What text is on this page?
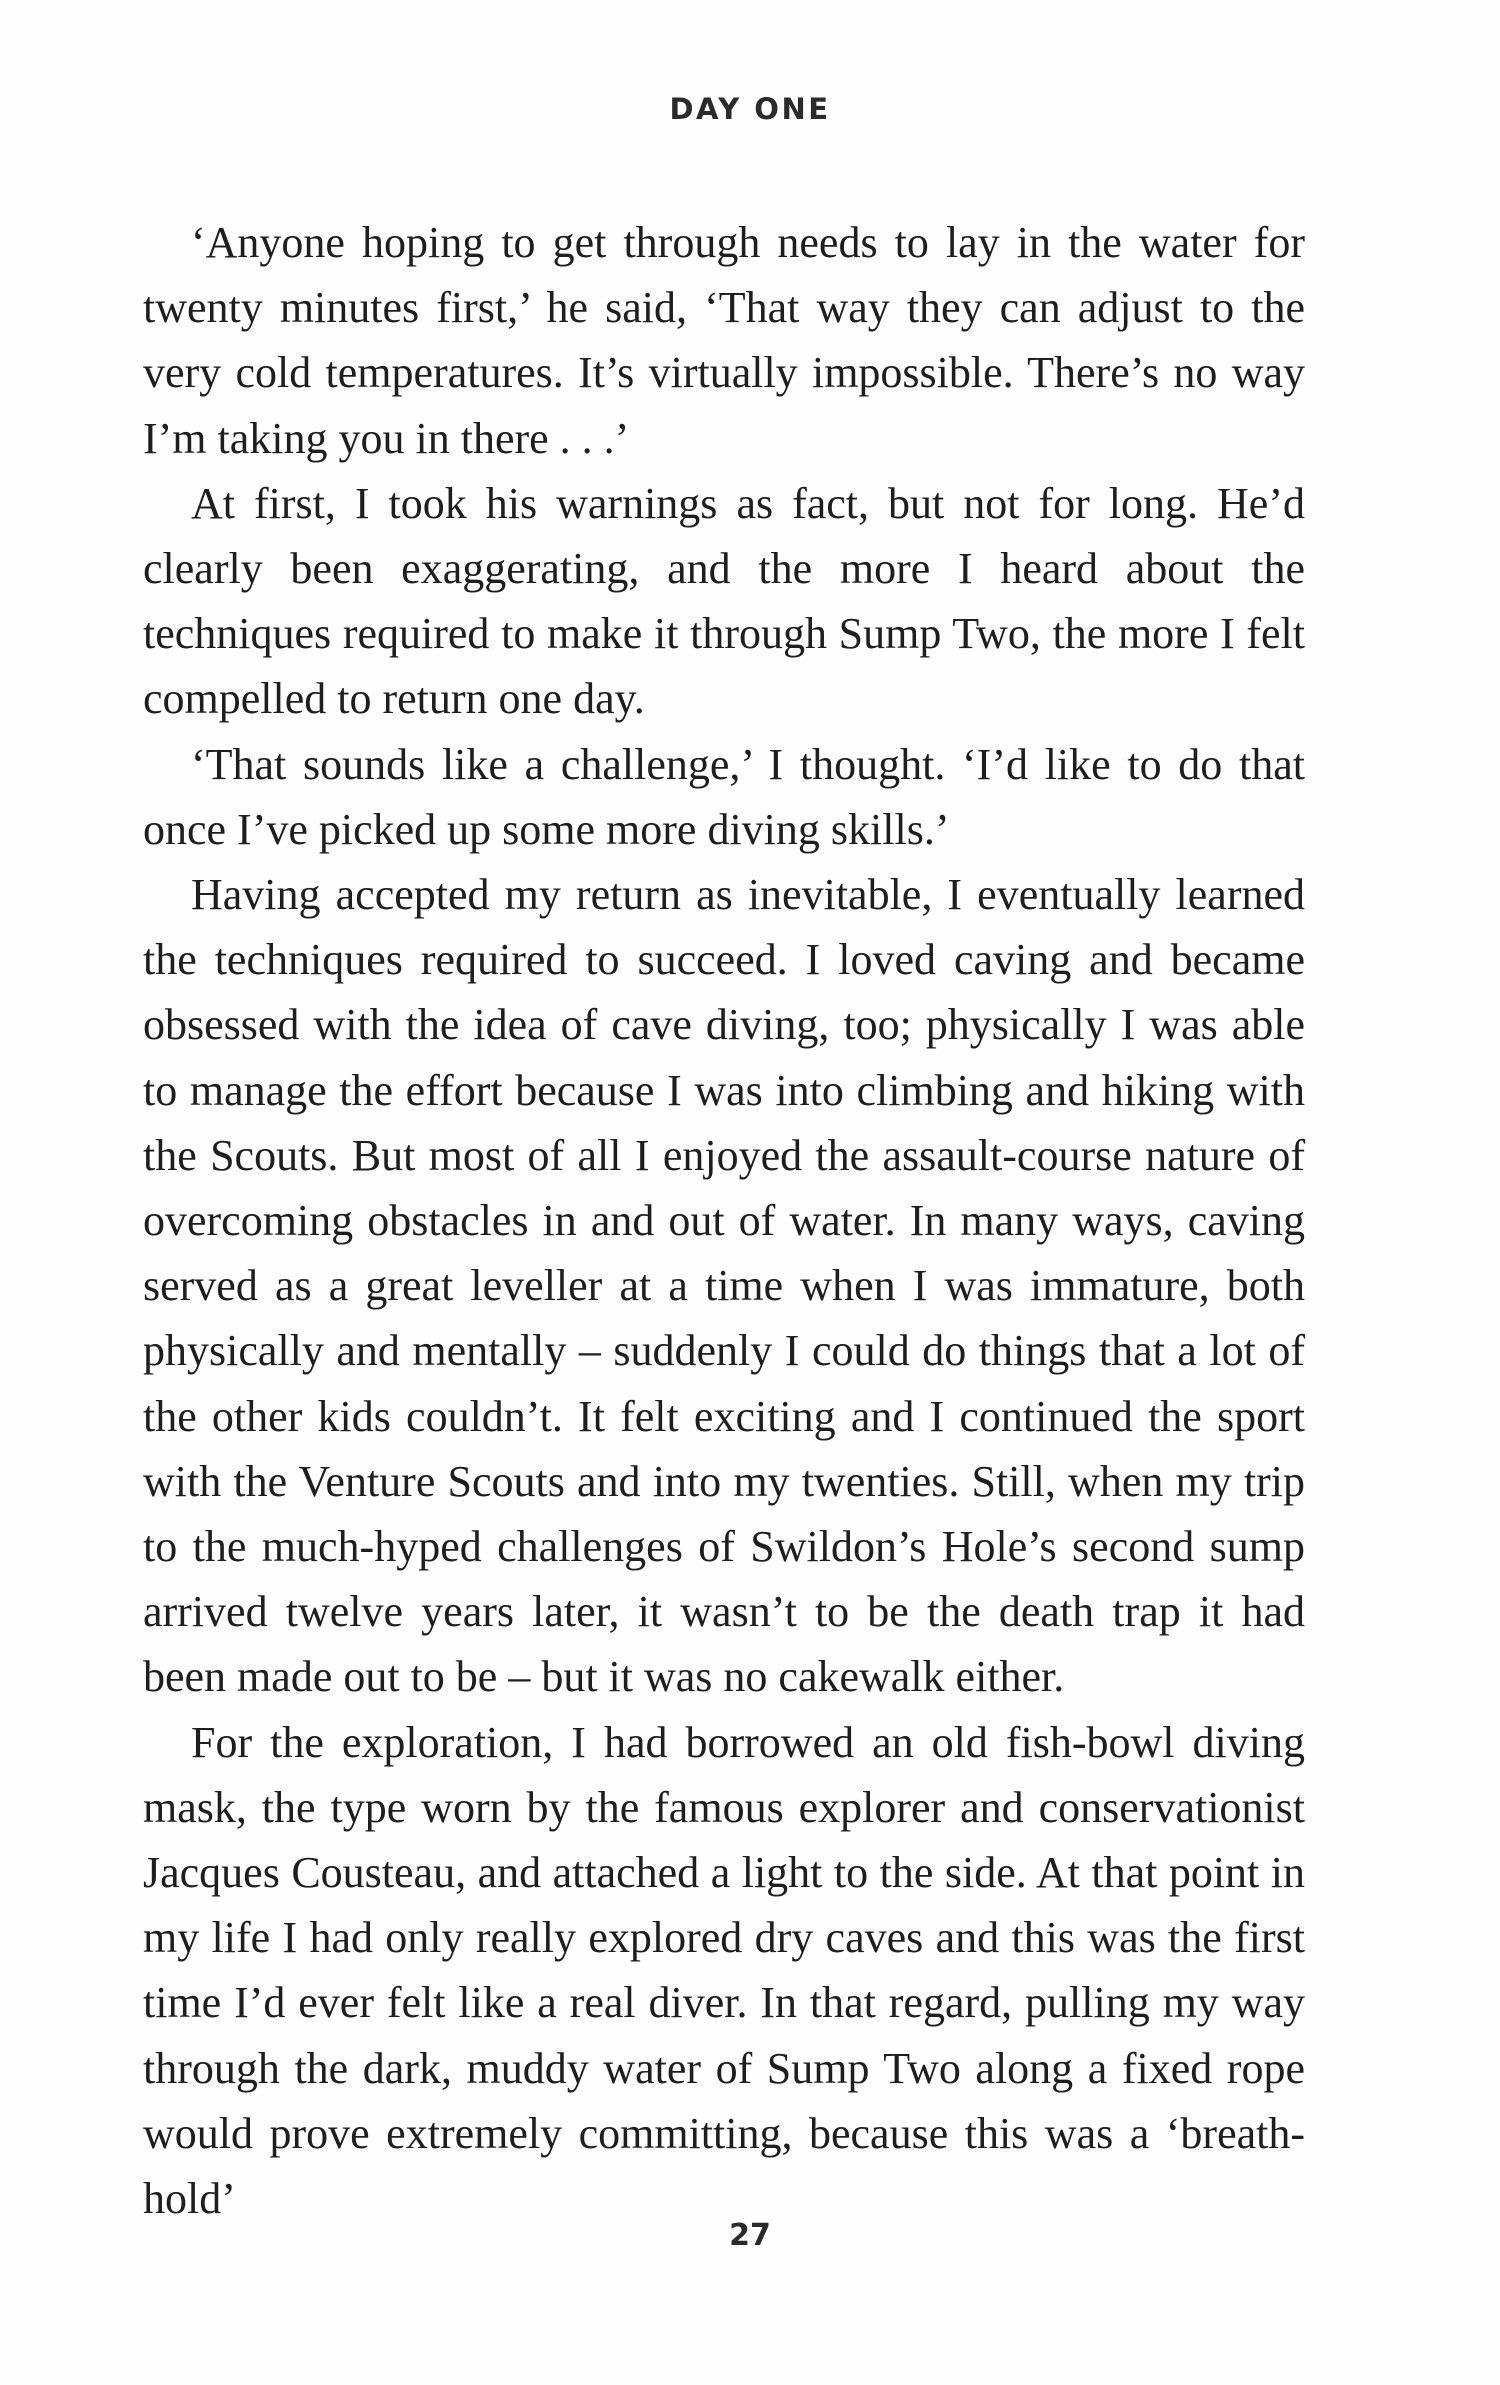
DAY ONE

‘Anyone hoping to get through needs to lay in the water for twenty minutes first,’ he said, ‘That way they can adjust to the very cold temperatures. It’s virtually impossible. There’s no way I’m taking you in there . . .’

At first, I took his warnings as fact, but not for long. He’d clearly been exaggerating, and the more I heard about the techniques required to make it through Sump Two, the more I felt compelled to return one day.

‘That sounds like a challenge,’ I thought. ‘I’d like to do that once I’ve picked up some more diving skills.’

Having accepted my return as inevitable, I eventually learned the techniques required to succeed. I loved caving and became obsessed with the idea of cave diving, too; physically I was able to manage the effort because I was into climbing and hiking with the Scouts. But most of all I enjoyed the assault-course nature of overcoming obstacles in and out of water. In many ways, caving served as a great leveller at a time when I was immature, both physically and mentally – suddenly I could do things that a lot of the other kids couldn’t. It felt exciting and I continued the sport with the Venture Scouts and into my twenties. Still, when my trip to the much-hyped challenges of Swildon’s Hole’s second sump arrived twelve years later, it wasn’t to be the death trap it had been made out to be – but it was no cakewalk either.

For the exploration, I had borrowed an old fish-bowl diving mask, the type worn by the famous explorer and conservationist Jacques Cousteau, and attached a light to the side. At that point in my life I had only really explored dry caves and this was the first time I’d ever felt like a real diver. In that regard, pulling my way through the dark, muddy water of Sump Two along a fixed rope would prove extremely committing, because this was a ‘breath-hold’

27
